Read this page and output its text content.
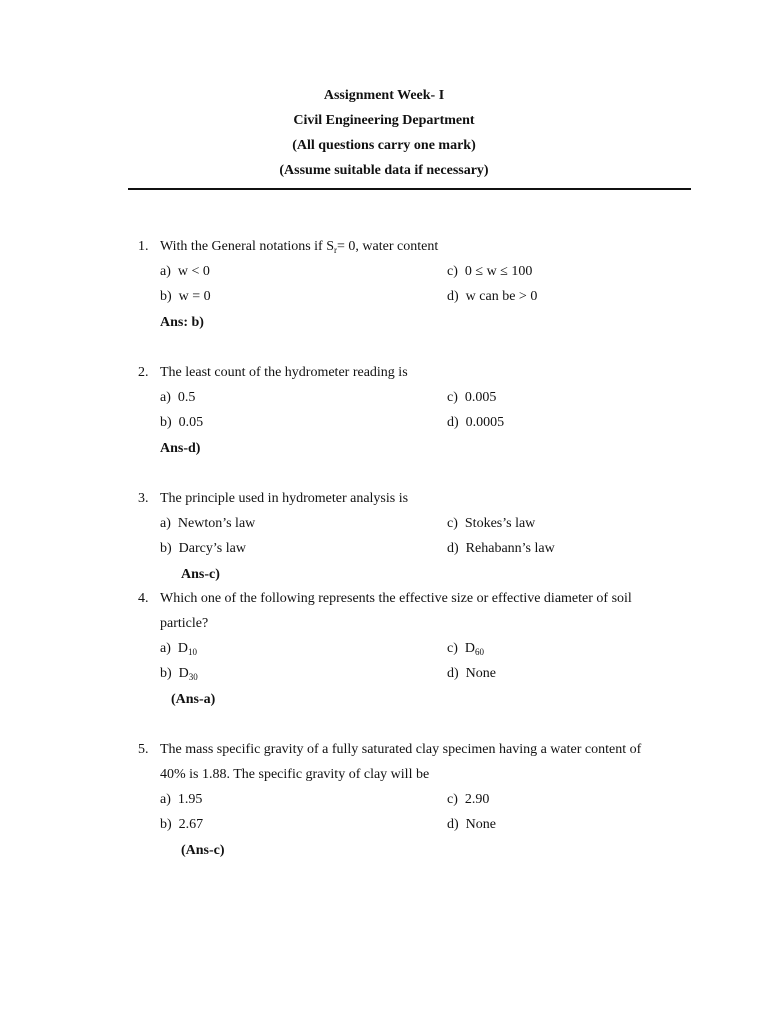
Assignment Week- I
Civil Engineering Department
(All questions carry one mark)
(Assume suitable data if necessary)
1. With the General notations if $S_r= 0$, water content
a) w < 0
b) w = 0
c) 0 ≤ w ≤ 100
d) w can be > 0
Ans: b)
2. The least count of the hydrometer reading is
a) 0.5
b) 0.05
c) 0.005
d) 0.0005
Ans-d)
3. The principle used in hydrometer analysis is
a) Newton’s law
b) Darcy’s law
c) Stokes’s law
d) Rehabann’s law
Ans-c)
4. Which one of the following represents the effective size or effective diameter of soil
particle?
a) $D_{10}$
b) $D_{30}$
c) $D_{60}$
d) None
(Ans-a)
5. The mass specific gravity of a fully saturated clay specimen having a water content of
40% is 1.88. The specific gravity of clay will be
a) 1.95
b) 2.67
c) 2.90
d) None
(Ans-c)
